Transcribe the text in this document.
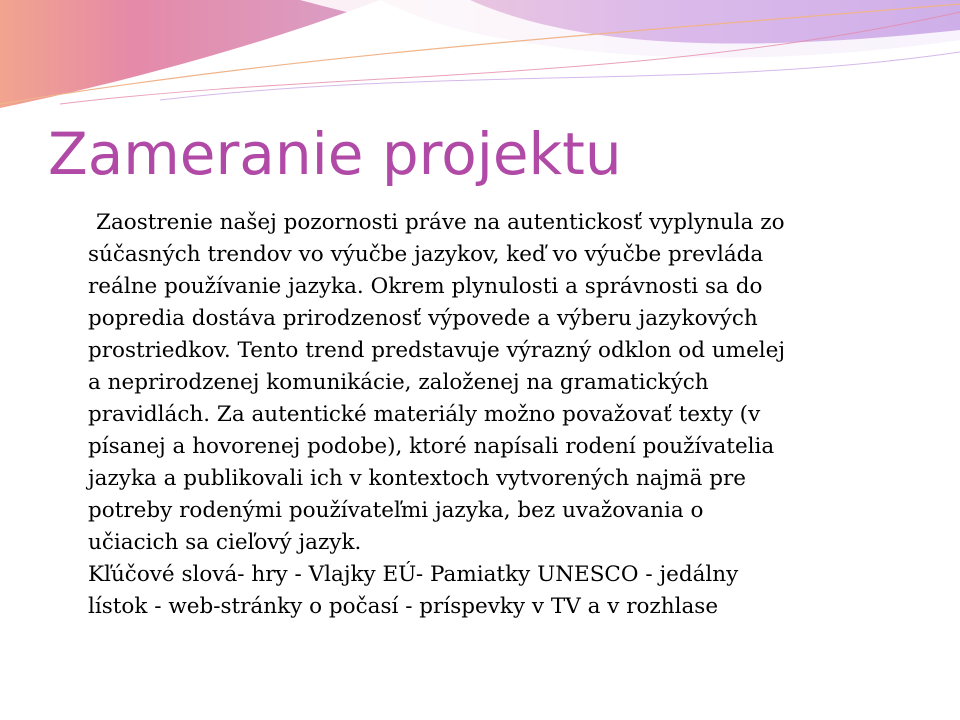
Zameranie projektu
Zaostrenie našej pozornosti práve na autentickosť vyplynula zo
súčasných trendov vo výučbe jazykov, keď vo výučbe prevláda
reálne používanie jazyka. Okrem plynulosti a správnosti sa do
popredia dostáva prirodzenosť výpovede a výberu jazykových
prostriedkov. Tento trend predstavuje výrazný odklon od umelej
a neprirodzenej komunikácie, založenej na gramatických
pravidlách. Za autentické materiály možno považovať texty (v
písanej a hovorenej podobe), ktoré napísali rodení používatelia
jazyka a publikovali ich v kontextoch vytvorených najmä pre
potreby rodenými používateľmi jazyka, bez uvažovania o
učiacich sa cieľový jazyk.
Kľúčové slová- hry - Vlajky EÚ- Pamiatky UNESCO - jedálny
lístok - web-stránky o počasí - príspevky v TV a v rozhlase
